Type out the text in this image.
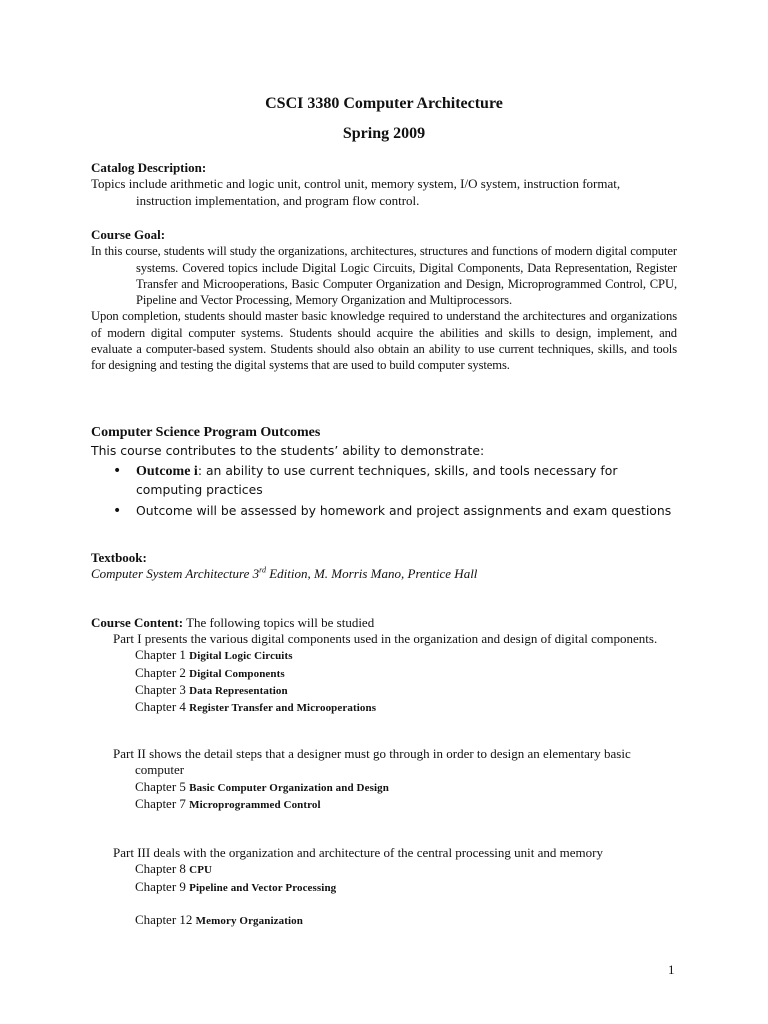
CSCI 3380 Computer Architecture
Spring 2009
Catalog Description:
Topics include arithmetic and logic unit, control unit, memory system, I/O system, instruction format, instruction implementation, and program flow control.
Course Goal:
In this course, students will study the organizations, architectures, structures and functions of modern digital computer systems. Covered topics include Digital Logic Circuits, Digital Components, Data Representation, Register Transfer and Microoperations, Basic Computer Organization and Design, Microprogrammed Control, CPU, Pipeline and Vector Processing, Memory Organization and Multiprocessors.
Upon completion, students should master basic knowledge required to understand the architectures and organizations of modern digital computer systems. Students should acquire the abilities and skills to design, implement, and evaluate a computer-based system. Students should also obtain an ability to use current techniques, skills, and tools for designing and testing the digital systems that are used to build computer systems.
Computer Science Program Outcomes
This course contributes to the students’ ability to demonstrate:
• Outcome i: an ability to use current techniques, skills, and tools necessary for computing practices
• Outcome will be assessed by homework and project assignments and exam questions
Textbook:
Computer System Architecture 3rd Edition, M. Morris Mano, Prentice Hall
Course Content: The following topics will be studied
Part I presents the various digital components used in the organization and design of digital components.
Chapter 1 Digital Logic Circuits
Chapter 2 Digital Components
Chapter 3 Data Representation
Chapter 4 Register Transfer and Microoperations
Part II shows the detail steps that a designer must go through in order to design an elementary basic computer
Chapter 5 Basic Computer Organization and Design
Chapter 7 Microprogrammed Control
Part III deals with the organization and architecture of the central processing unit and memory
Chapter 8 CPU
Chapter 9 Pipeline and Vector Processing
Chapter 12 Memory Organization
1
